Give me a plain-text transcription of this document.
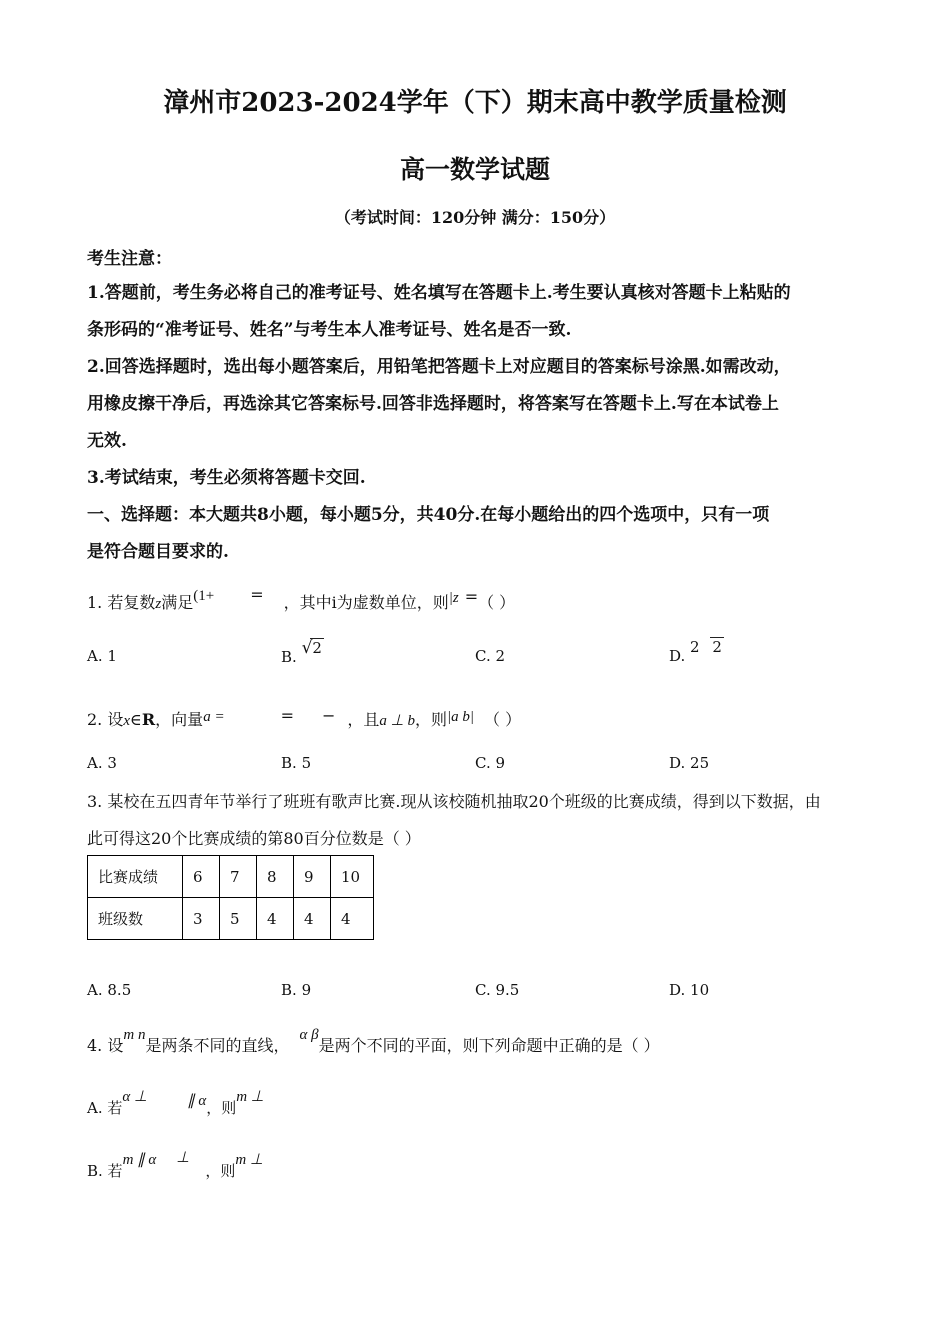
漳州市2023-2024学年（下）期末高中教学质量检测
高一数学试题
（考试时间：120分钟 满分：150分）
考生注意：
1.答题前，考生务必将自己的准考证号、姓名填写在答题卡上.考生要认真核对答题卡上粘贴的
条形码的“准考证号、姓名”与考生本人准考证号、姓名是否一致.
2.回答选择题时，选出每小题答案后，用铅笔把答题卡上对应题目的答案标号涂黑.如需改动，
用橡皮擦干净后，再选涂其它答案标号.回答非选择题时，将答案写在答题卡上.写在本试卷上
无效.
3.考试结束，考生必须将答题卡交回.
一、选择题：本大题共8小题，每小题5分，共40分.在每小题给出的四个选项中，只有一项
是符合题目要求的.
1. 若复数z满足(1+ = ，其中i为虚数单位，则|z =（ ）
A. 1	B. √2	C. 2	D. 2 2
2. 设x∈R，向量a =	= − ，且a ⊥ b，则|a b| （ ）
A. 3	B. 5	C. 9	D. 25
3. 某校在五四青年节举行了班班有歌声比赛.现从该校随机抽取20个班级的比赛成绩，得到以下数据，由
此可得这20个比赛成绩的第80百分位数是（ ）
比赛成绩	6	7	8	9	10
班级数	3	5	4	4	4
A. 8.5	B. 9	C. 9.5	D. 10
4. 设m n是两条不同的直线，α β是两个不同的平面，则下列命题中正确的是（ ）
A. 若α ⊥	∥ α，则m ⊥
B. 若m ∥ α ⊥，则m ⊥
